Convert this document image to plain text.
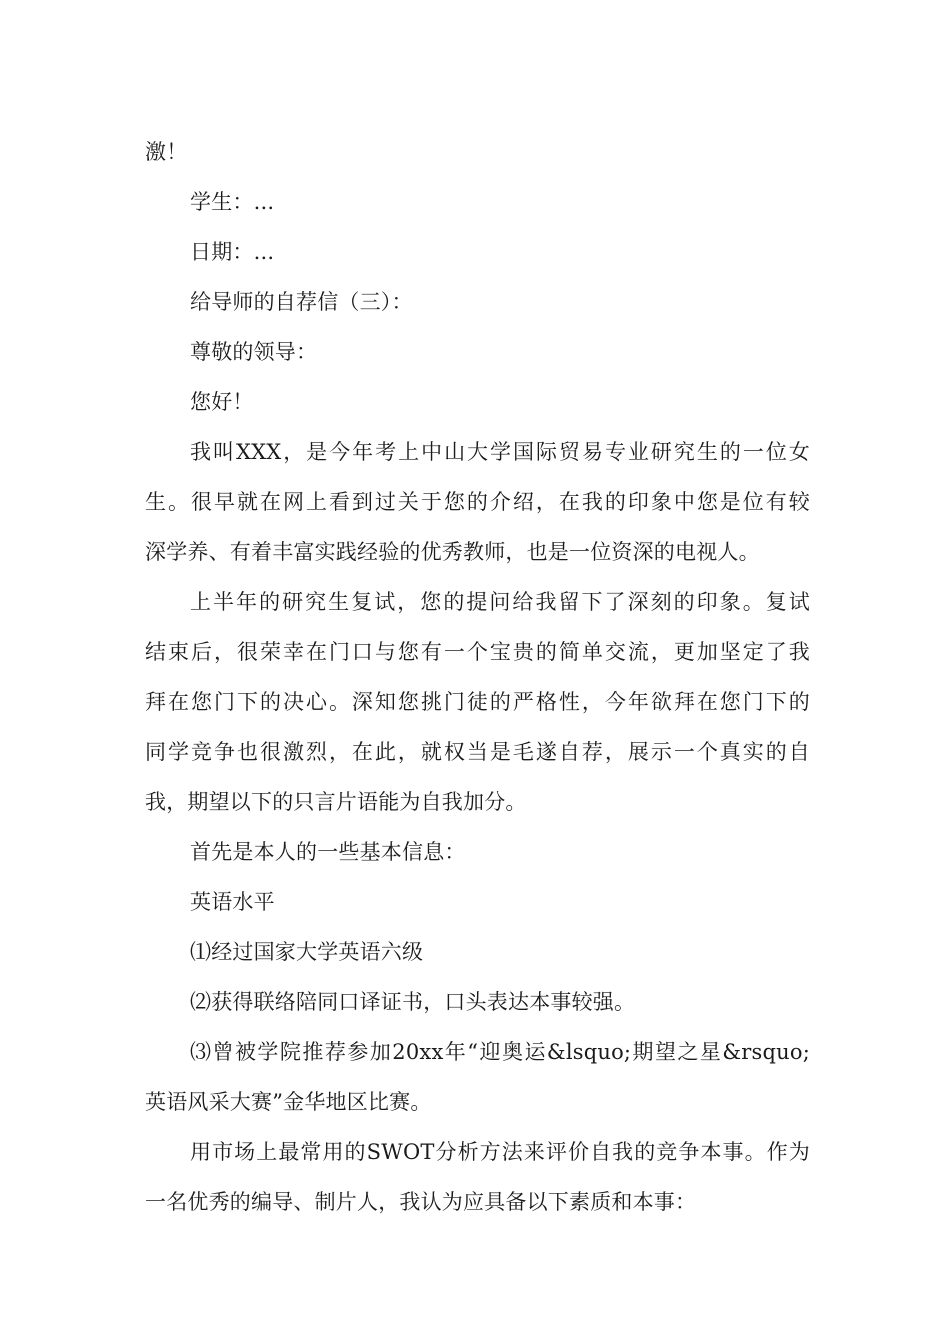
激！
学生：...
日期：...
给导师的自荐信（三）：
尊敬的领导：
您好！
我叫XXX，是今年考上中山大学国际贸易专业研究生的一位女
生。很早就在网上看到过关于您的介绍，在我的印象中您是位有较
深学养、有着丰富实践经验的优秀教师，也是一位资深的电视人。
上半年的研究生复试，您的提问给我留下了深刻的印象。复试
结束后，很荣幸在门口与您有一个宝贵的简单交流，更加坚定了我
拜在您门下的决心。深知您挑门徒的严格性，今年欲拜在您门下的
同学竞争也很激烈，在此，就权当是毛遂自荐，展示一个真实的自
我，期望以下的只言片语能为自我加分。
首先是本人的一些基本信息：
英语水平
⑴经过国家大学英语六级
⑵获得联络陪同口译证书，口头表达本事较强。
⑶曾被学院推荐参加20xx年“迎奥运&lsquo;期望之星&rsquo;
英语风采大赛”金华地区比赛。
用市场上最常用的SWOT分析方法来评价自我的竞争本事。作为
一名优秀的编导、制片人，我认为应具备以下素质和本事：
